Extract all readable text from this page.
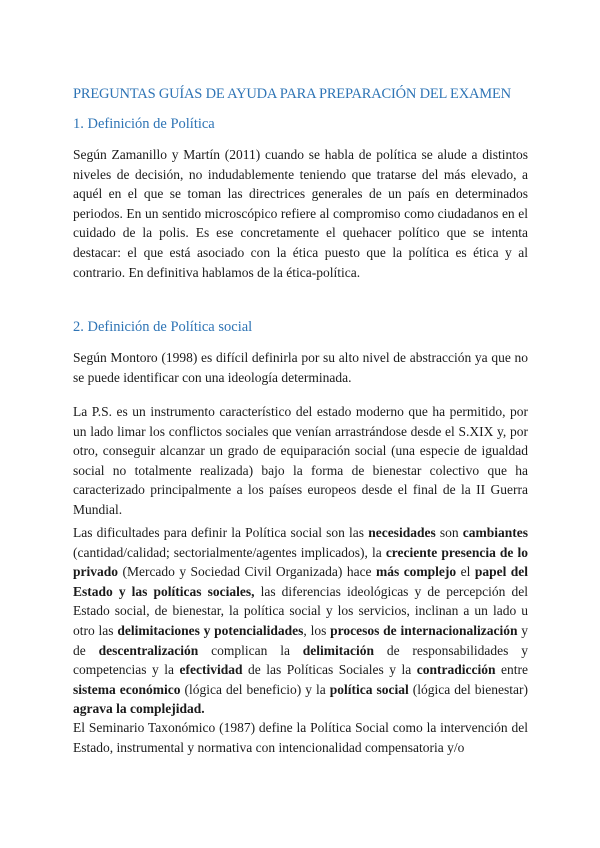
PREGUNTAS GUÍAS DE AYUDA PARA PREPARACIÓN DEL EXAMEN
1. Definición de Política

Según Zamanillo y Martín (2011) cuando se habla de política se alude a distintos niveles de decisión, no indudablemente teniendo que tratarse del más elevado, a aquél en el que se toman las directrices generales de un país en determinados periodos. En un sentido microscópico refiere al compromiso como ciudadanos en el cuidado de la polis. Es ese concretamente el quehacer político que se intenta destacar: el que está asociado con la ética puesto que la política es ética y al contrario. En definitiva hablamos de la ética-política.

2. Definición de Política social

Según Montoro (1998) es difícil definirla por su alto nivel de abstracción ya que no se puede identificar con una ideología determinada.

La P.S. es un instrumento característico del estado moderno que ha permitido, por un lado limar los conflictos sociales que venían arrastrándose desde el S.XIX y, por otro, conseguir alcanzar un grado de equiparación social (una especie de igualdad social no totalmente realizada) bajo la forma de bienestar colectivo que ha caracterizado principalmente a los países europeos desde el final de la II Guerra Mundial.

Las dificultades para definir la Política social son las necesidades son cambiantes (cantidad/calidad; sectorialmente/agentes implicados), la creciente presencia de lo privado (Mercado y Sociedad Civil Organizada) hace más complejo el papel del Estado y las políticas sociales, las diferencias ideológicas y de percepción del Estado social, de bienestar, la política social y los servicios, inclinan a un lado u otro las delimitaciones y potencialidades, los procesos de internacionalización y de descentralización complican la delimitación de responsabilidades y competencias y la efectividad de las Políticas Sociales y la contradicción entre sistema económico (lógica del beneficio) y la política social (lógica del bienestar) agrava la complejidad.

El Seminario Taxonómico (1987) define la Política Social como la intervención del Estado, instrumental y normativa con intencionalidad compensatoria y/o
